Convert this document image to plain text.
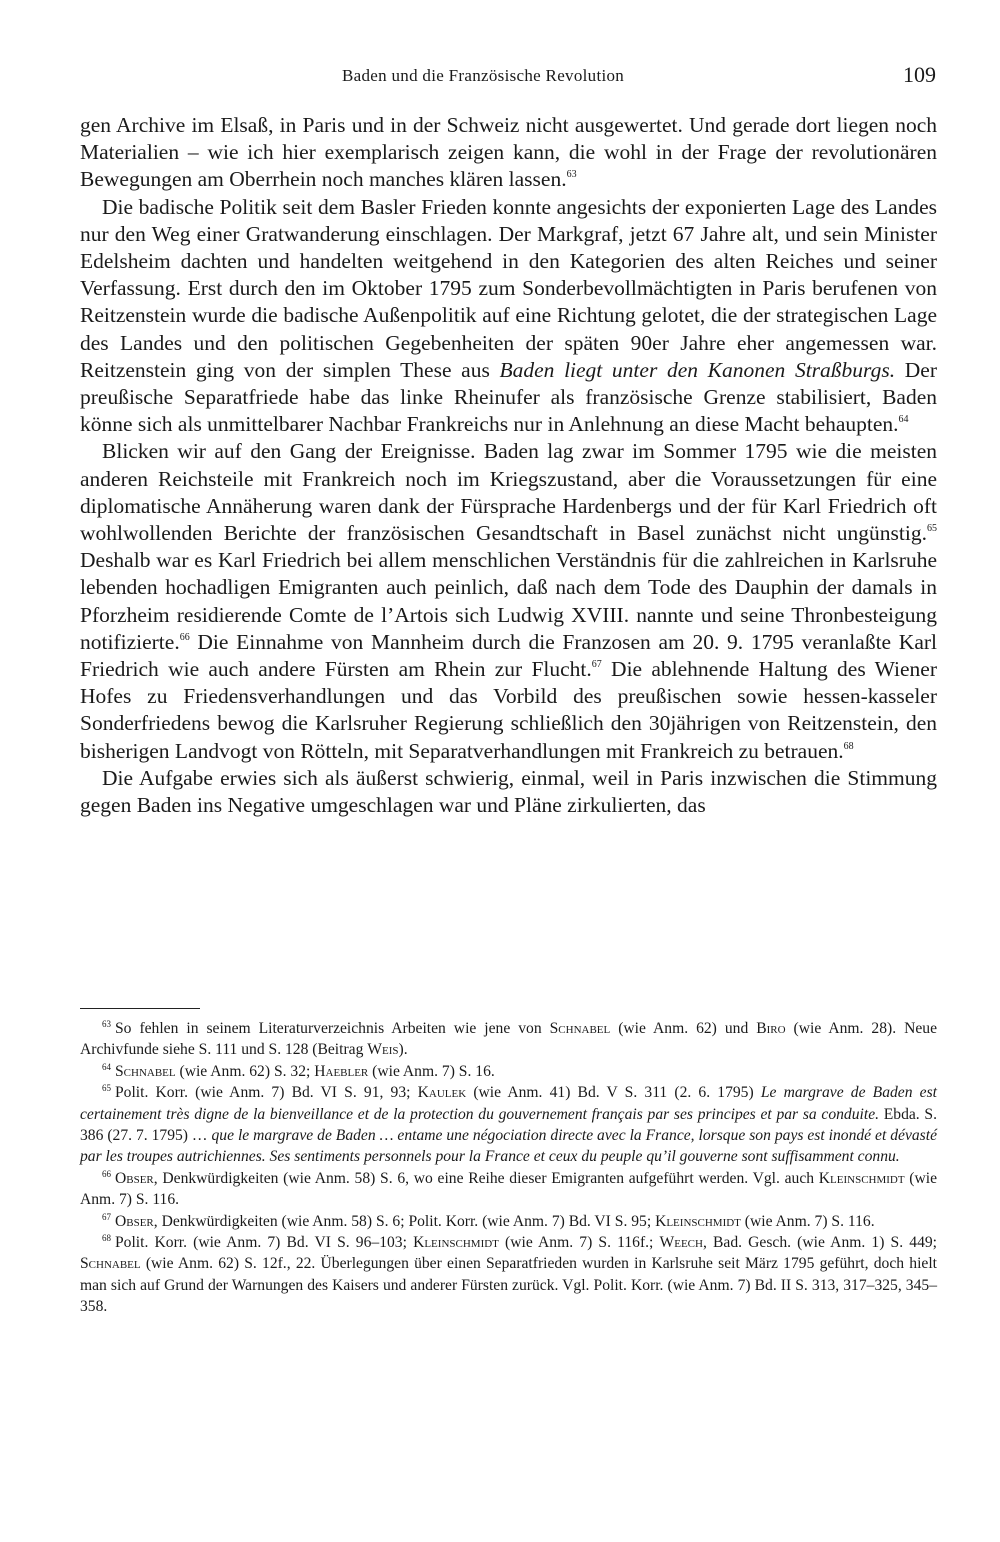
Baden und die Französische Revolution	109

gen Archive im Elsaß, in Paris und in der Schweiz nicht ausgewertet. Und gerade dort liegen noch Materialien – wie ich hier exemplarisch zeigen kann, die wohl in der Frage der revolutionären Bewegungen am Oberrhein noch manches klären lassen.$^{63}$

Die badische Politik seit dem Basler Frieden konnte angesichts der exponierten Lage des Landes nur den Weg einer Gratwanderung einschlagen. Der Markgraf, jetzt 67 Jahre alt, und sein Minister Edelsheim dachten und handelten weitgehend in den Kategorien des alten Reiches und seiner Verfassung. Erst durch den im Oktober 1795 zum Sonderbevollmächtigten in Paris berufenen von Reitzenstein wurde die badische Außenpolitik auf eine Richtung gelotet, die der strategischen Lage des Landes und den politischen Gegebenheiten der späten 90er Jahre eher angemessen war. Reitzenstein ging von der simplen These aus Baden liegt unter den Kanonen Straßburgs. Der preußische Separatfriede habe das linke Rheinufer als französische Grenze stabilisiert, Baden könne sich als unmittelbarer Nachbar Frankreichs nur in Anlehnung an diese Macht behaupten.$^{64}$

Blicken wir auf den Gang der Ereignisse. Baden lag zwar im Sommer 1795 wie die meisten anderen Reichsteile mit Frankreich noch im Kriegszustand, aber die Voraussetzungen für eine diplomatische Annäherung waren dank der Fürsprache Hardenbergs und der für Karl Friedrich oft wohlwollenden Berichte der französischen Gesandtschaft in Basel zunächst nicht ungünstig.$^{65}$ Deshalb war es Karl Friedrich bei allem menschlichen Verständnis für die zahlreichen in Karlsruhe lebenden hochadligen Emigranten auch peinlich, daß nach dem Tode des Dauphin der damals in Pforzheim residierende Comte de l’Artois sich Ludwig XVIII. nannte und seine Thronbesteigung notifizierte.$^{66}$ Die Einnahme von Mannheim durch die Franzosen am 20. 9. 1795 veranlaßte Karl Friedrich wie auch andere Fürsten am Rhein zur Flucht.$^{67}$ Die ablehnende Haltung des Wiener Hofes zu Friedensverhandlungen und das Vorbild des preußischen sowie hessen-kasseler Sonderfriedens bewog die Karlsruher Regierung schließlich den 30jährigen von Reitzenstein, den bisherigen Landvogt von Rötteln, mit Separatverhandlungen mit Frankreich zu betrauen.$^{68}$

Die Aufgabe erwies sich als äußerst schwierig, einmal, weil in Paris inzwischen die Stimmung gegen Baden ins Negative umgeschlagen war und Pläne zirkulierten, das

$^{63}$ So fehlen in seinem Literaturverzeichnis Arbeiten wie jene von Schnabel (wie Anm. 62) und Biro (wie Anm. 28). Neue Archivfunde siehe S. 111 und S. 128 (Beitrag Weis).

$^{64}$ Schnabel (wie Anm. 62) S. 32; Haebler (wie Anm. 7) S. 16.

$^{65}$ Polit. Korr. (wie Anm. 7) Bd. VI S. 91, 93; Kaulek (wie Anm. 41) Bd. V S. 311 (2. 6. 1795) Le margrave de Baden est certainement très digne de la bienveillance et de la protection du gouvernement français par ses principes et par sa conduite. Ebda. S. 386 (27. 7. 1795) … que le margrave de Baden … entame une négociation directe avec la France, lorsque son pays est inondé et dévasté par les troupes autrichiennes. Ses sentiments personnels pour la France et ceux du peuple qu’il gouverne sont suffisamment connu.

$^{66}$ Obser, Denkwürdigkeiten (wie Anm. 58) S. 6, wo eine Reihe dieser Emigranten aufgeführt werden. Vgl. auch Kleinschmidt (wie Anm. 7) S. 116.

$^{67}$ Obser, Denkwürdigkeiten (wie Anm. 58) S. 6; Polit. Korr. (wie Anm. 7) Bd. VI S. 95; Kleinschmidt (wie Anm. 7) S. 116.

$^{68}$ Polit. Korr. (wie Anm. 7) Bd. VI S. 96–103; Kleinschmidt (wie Anm. 7) S. 116f.; Weech, Bad. Gesch. (wie Anm. 1) S. 449; Schnabel (wie Anm. 62) S. 12f., 22. Überlegungen über einen Separatfrieden wurden in Karlsruhe seit März 1795 geführt, doch hielt man sich auf Grund der Warnungen des Kaisers und anderer Fürsten zurück. Vgl. Polit. Korr. (wie Anm. 7) Bd. II S. 313, 317–325, 345–358.
